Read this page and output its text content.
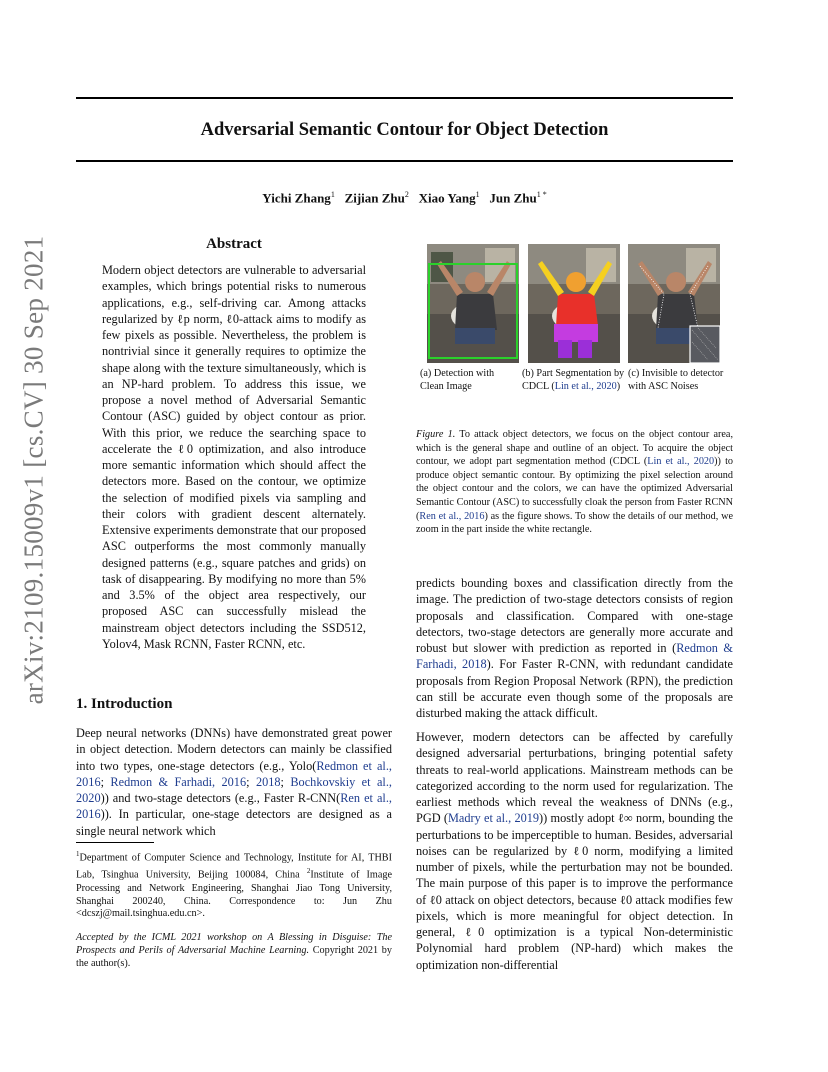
arXiv:2109.15009v1 [cs.CV] 30 Sep 2021
Adversarial Semantic Contour for Object Detection
Yichi Zhang$^1$ Zijian Zhu$^2$ Xiao Yang$^1$ Jun Zhu$^{1 *}$
Abstract
Modern object detectors are vulnerable to adversarial examples, which brings potential risks to numerous applications, e.g., self-driving car. Among attacks regularized by ℓp norm, ℓ0-attack aims to modify as few pixels as possible. Nevertheless, the problem is nontrivial since it generally requires to optimize the shape along with the texture simultaneously, which is an NP-hard problem. To address this issue, we propose a novel method of Adversarial Semantic Contour (ASC) guided by object contour as prior. With this prior, we reduce the searching space to accelerate the ℓ0 optimization, and also introduce more semantic information which should affect the detectors more. Based on the contour, we optimize the selection of modified pixels via sampling and their colors with gradient descent alternately. Extensive experiments demonstrate that our proposed ASC outperforms the most commonly manually designed patterns (e.g., square patches and grids) on task of disappearing. By modifying no more than 5% and 3.5% of the object area respectively, our proposed ASC can successfully mislead the mainstream object detectors including the SSD512, Yolov4, Mask RCNN, Faster RCNN, etc.
1. Introduction
Deep neural networks (DNNs) have demonstrated great power in object detection. Modern detectors can mainly be classified into two types, one-stage detectors (e.g., Yolo(Redmon et al., 2016; Redmon & Farhadi, 2016; 2018; Bochkovskiy et al., 2020)) and two-stage detectors (e.g., Faster R-CNN(Ren et al., 2016)). In particular, one-stage detectors are designed as a single neural network which
$^1$Department of Computer Science and Technology, Institute for AI, THBI Lab, Tsinghua University, Beijing 100084, China $^2$Institute of Image Processing and Network Engineering, Shanghai Jiao Tong University, Shanghai 200240, China. Correspondence to: Jun Zhu <dcszj@mail.tsinghua.edu.cn>.
Accepted by the ICML 2021 workshop on A Blessing in Disguise: The Prospects and Perils of Adversarial Machine Learning. Copyright 2021 by the author(s).
(a) Detection with Clean Image
(b) Part Segmentation by CDCL (Lin et al., 2020)
(c) Invisible to detector with ASC Noises
Figure 1. To attack object detectors, we focus on the object contour area, which is the general shape and outline of an object. To acquire the object contour, we adopt part segmentation method (CDCL (Lin et al., 2020)) to produce object semantic contour. By optimizing the pixel selection around the object contour and the colors, we can have the optimized Adversarial Semantic Contour (ASC) to successfully cloak the person from Faster RCNN (Ren et al., 2016) as the figure shows. To show the details of our method, we zoom in the part inside the white rectangle.
predicts bounding boxes and classification directly from the image. The prediction of two-stage detectors consists of region proposals and classification. Compared with one-stage detectors, two-stage detectors are generally more accurate and robust but slower with prediction as reported in (Redmon & Farhadi, 2018). For Faster R-CNN, with redundant candidate proposals from Region Proposal Network (RPN), the prediction can still be accurate even though some of the proposals are disturbed making the attack difficult.
However, modern detectors can be affected by carefully designed adversarial perturbations, bringing potential safety threats to real-world applications. Mainstream methods can be categorized according to the norm used for regularization. The earliest methods which reveal the weakness of DNNs (e.g., PGD (Madry et al., 2019)) mostly adopt ℓ∞ norm, bounding the perturbations to be imperceptible to human. Besides, adversarial noises can be regularized by ℓ0 norm, modifying a limited number of pixels, while the perturbation may not be bounded. The main purpose of this paper is to improve the performance of ℓ0 attack on object detectors, because ℓ0 attack modifies few pixels, which is more meaningful for object detection. In general, ℓ0 optimization is a typical Non-deterministic Polynomial hard problem (NP-hard) which makes the optimization non-differential
